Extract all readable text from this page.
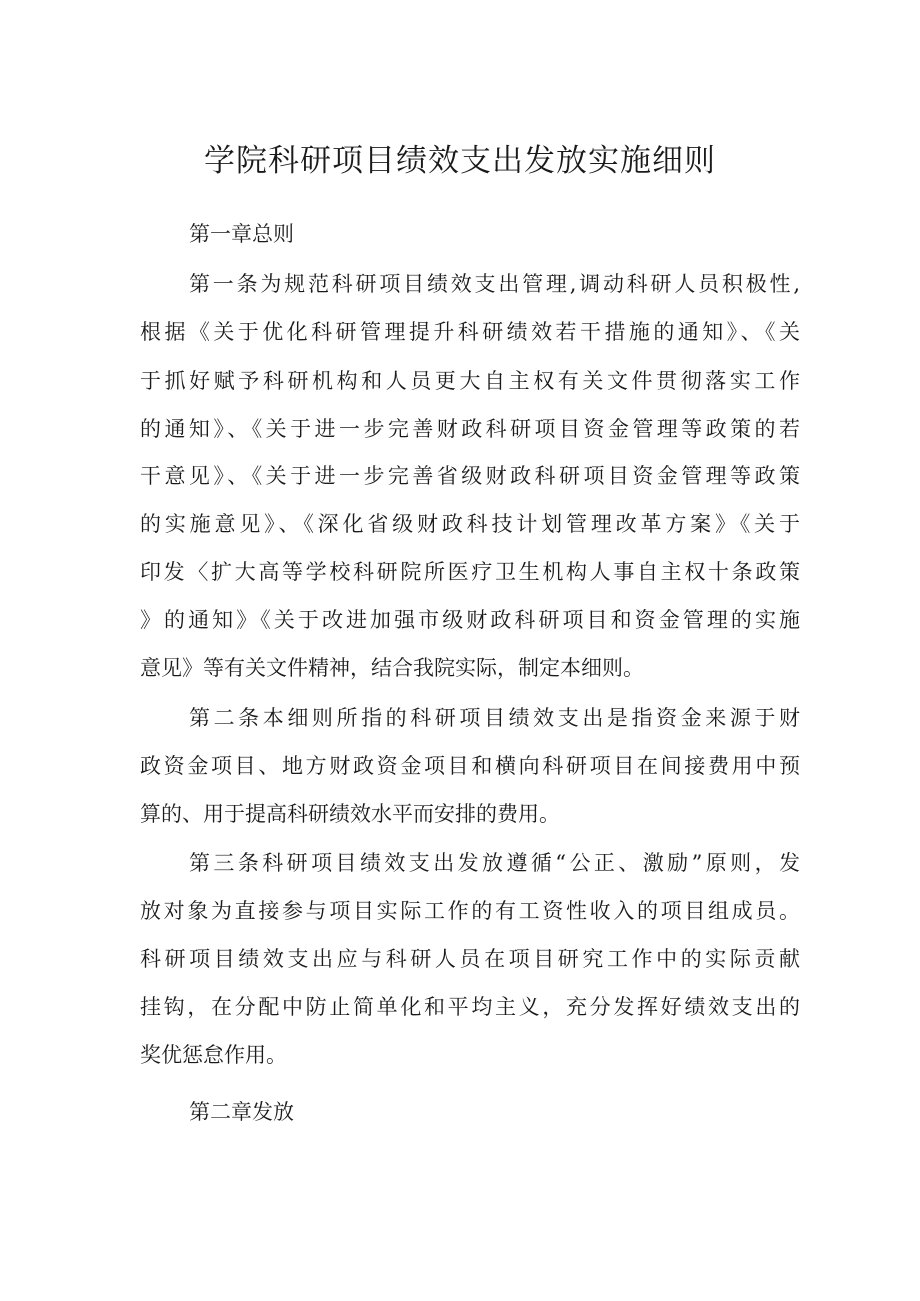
学院科研项目绩效支出发放实施细则

第一章总则

第一条为规范科研项目绩效支出管理,调动科研人员积极性,

根据《关于优化科研管理提升科研绩效若干措施的通知》、《关

于抓好赋予科研机构和人员更大自主权有关文件贯彻落实工作

的通知》、《关于进一步完善财政科研项目资金管理等政策的若

干意见》、《关于进一步完善省级财政科研项目资金管理等政策

的实施意见》、《深化省级财政科技计划管理改革方案》《关于

印发〈扩大高等学校科研院所医疗卫生机构人事自主权十条政策

》的通知》《关于改进加强市级财政科研项目和资金管理的实施

意见》等有关文件精神，结合我院实际，制定本细则。

第二条本细则所指的科研项目绩效支出是指资金来源于财

政资金项目、地方财政资金项目和横向科研项目在间接费用中预

算的、用于提高科研绩效水平而安排的费用。

第三条科研项目绩效支出发放遵循“公正、激励”原则，发

放对象为直接参与项目实际工作的有工资性收入的项目组成员。

科研项目绩效支出应与科研人员在项目研究工作中的实际贡献

挂钩，在分配中防止简单化和平均主义，充分发挥好绩效支出的

奖优惩怠作用。

第二章发放
